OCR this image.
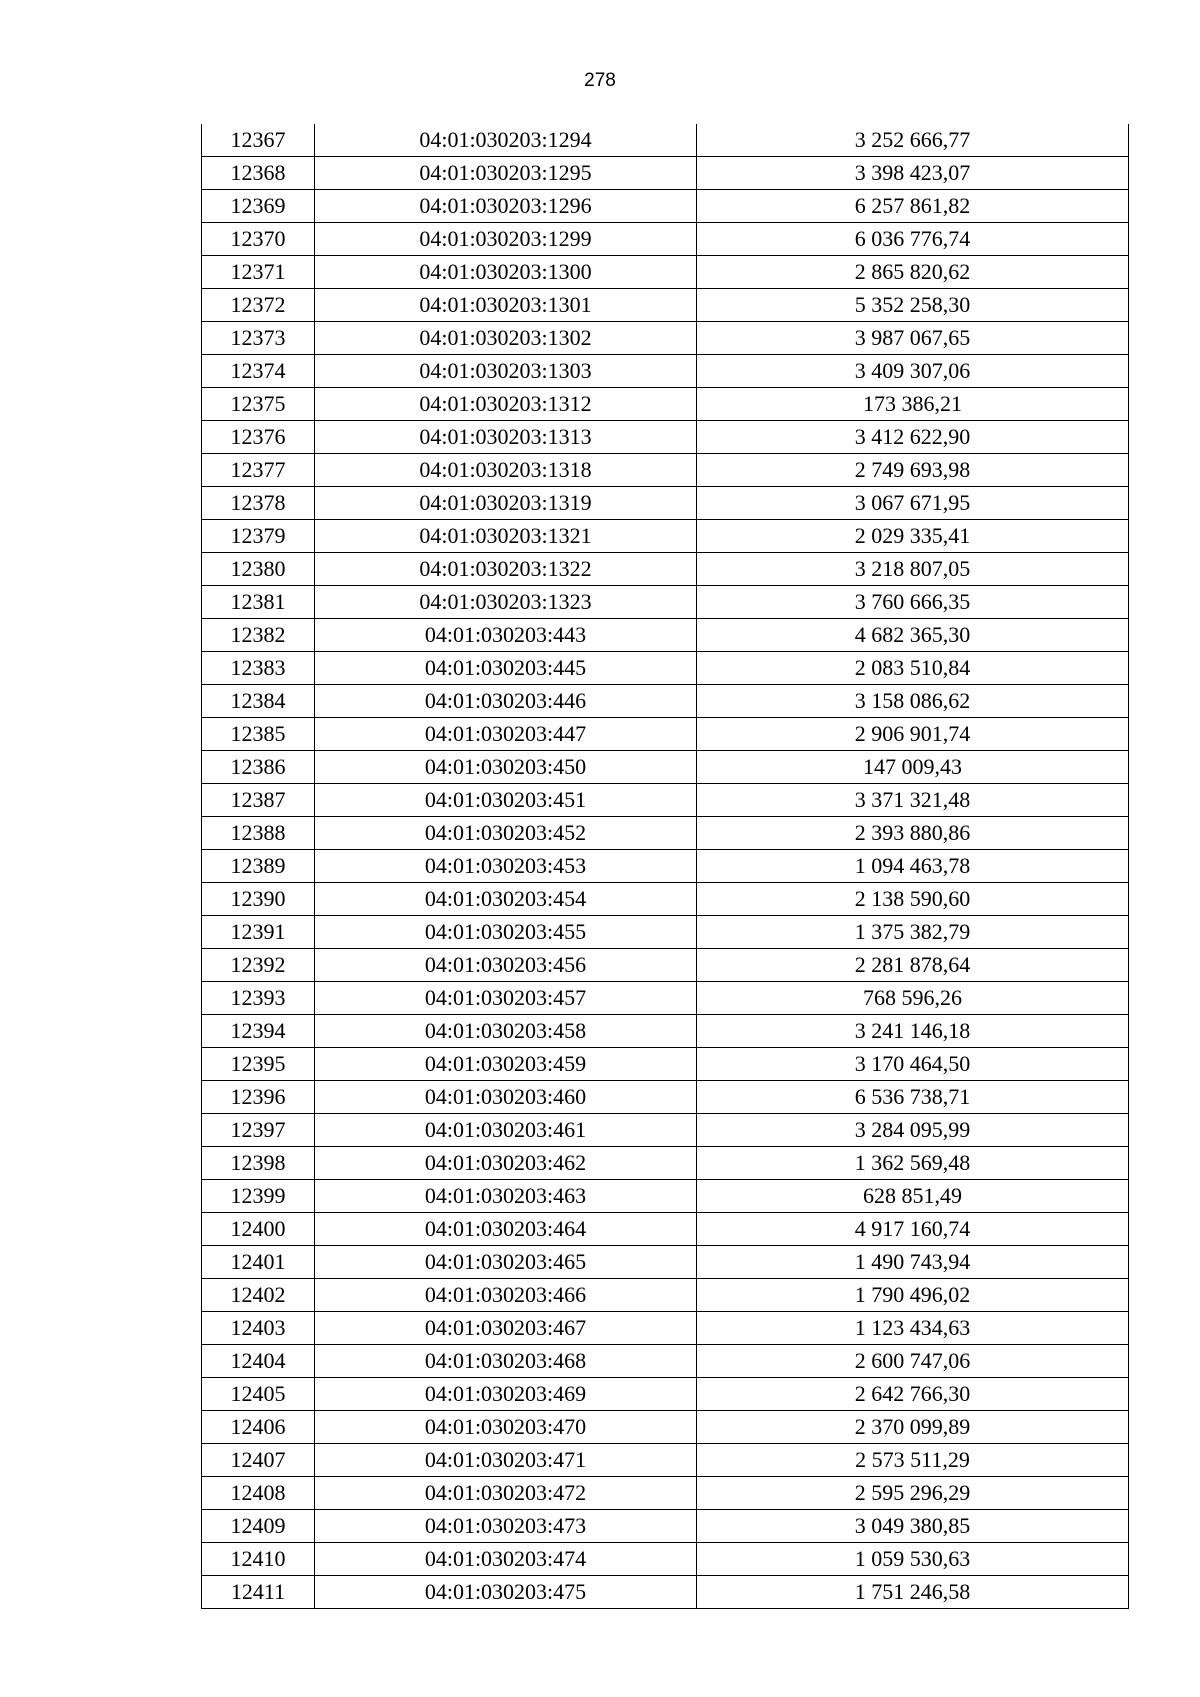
278
12367	04:01:030203:1294	3 252 666,77
12368	04:01:030203:1295	3 398 423,07
12369	04:01:030203:1296	6 257 861,82
12370	04:01:030203:1299	6 036 776,74
12371	04:01:030203:1300	2 865 820,62
12372	04:01:030203:1301	5 352 258,30
12373	04:01:030203:1302	3 987 067,65
12374	04:01:030203:1303	3 409 307,06
12375	04:01:030203:1312	173 386,21
12376	04:01:030203:1313	3 412 622,90
12377	04:01:030203:1318	2 749 693,98
12378	04:01:030203:1319	3 067 671,95
12379	04:01:030203:1321	2 029 335,41
12380	04:01:030203:1322	3 218 807,05
12381	04:01:030203:1323	3 760 666,35
12382	04:01:030203:443	4 682 365,30
12383	04:01:030203:445	2 083 510,84
12384	04:01:030203:446	3 158 086,62
12385	04:01:030203:447	2 906 901,74
12386	04:01:030203:450	147 009,43
12387	04:01:030203:451	3 371 321,48
12388	04:01:030203:452	2 393 880,86
12389	04:01:030203:453	1 094 463,78
12390	04:01:030203:454	2 138 590,60
12391	04:01:030203:455	1 375 382,79
12392	04:01:030203:456	2 281 878,64
12393	04:01:030203:457	768 596,26
12394	04:01:030203:458	3 241 146,18
12395	04:01:030203:459	3 170 464,50
12396	04:01:030203:460	6 536 738,71
12397	04:01:030203:461	3 284 095,99
12398	04:01:030203:462	1 362 569,48
12399	04:01:030203:463	628 851,49
12400	04:01:030203:464	4 917 160,74
12401	04:01:030203:465	1 490 743,94
12402	04:01:030203:466	1 790 496,02
12403	04:01:030203:467	1 123 434,63
12404	04:01:030203:468	2 600 747,06
12405	04:01:030203:469	2 642 766,30
12406	04:01:030203:470	2 370 099,89
12407	04:01:030203:471	2 573 511,29
12408	04:01:030203:472	2 595 296,29
12409	04:01:030203:473	3 049 380,85
12410	04:01:030203:474	1 059 530,63
12411	04:01:030203:475	1 751 246,58
